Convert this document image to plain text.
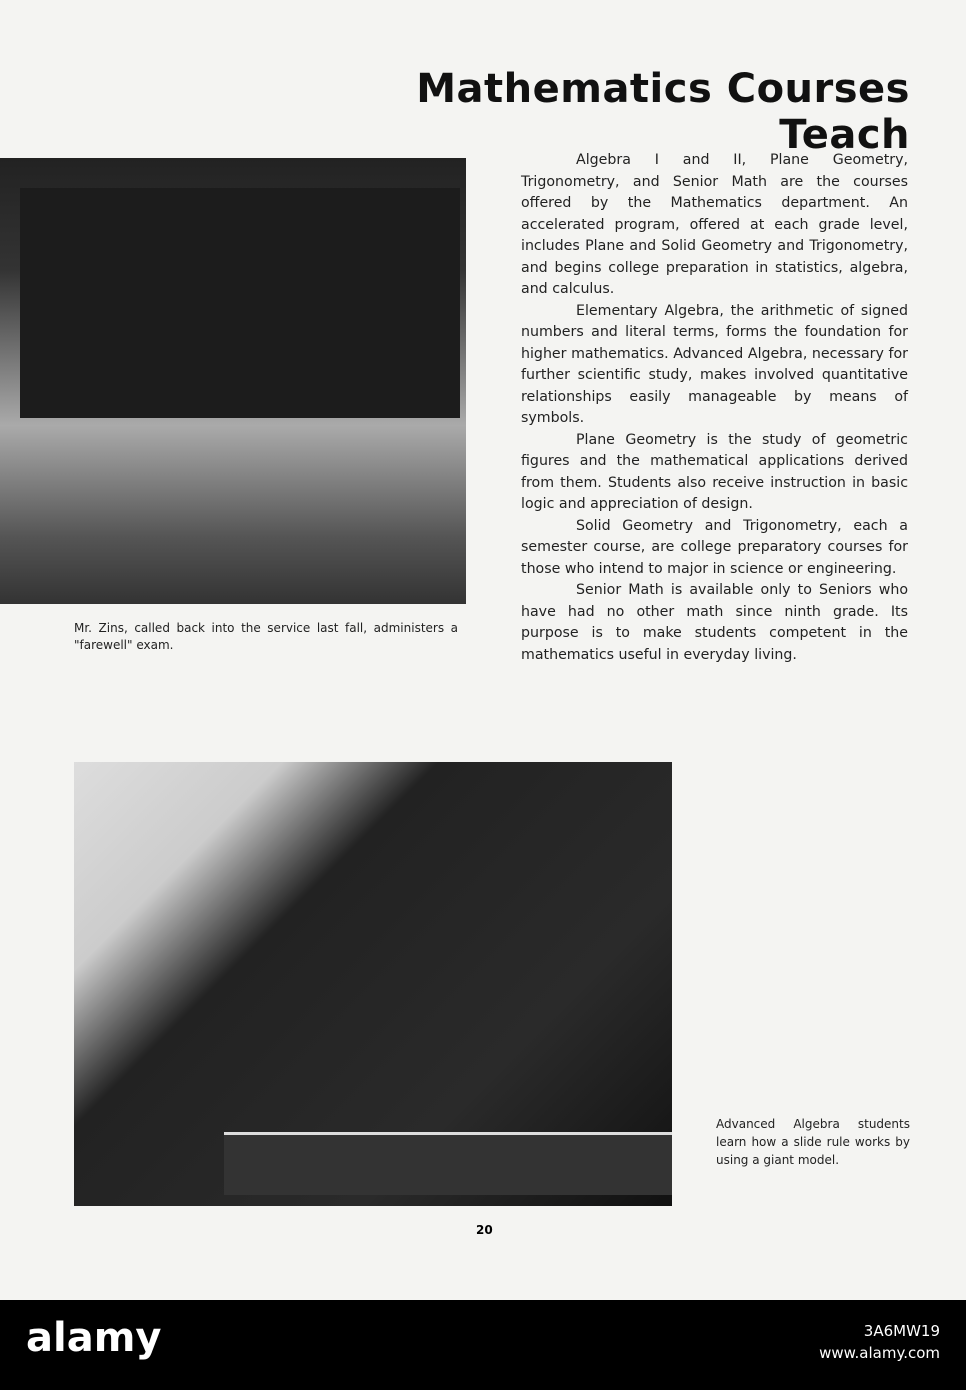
Mathematics Courses Teach
Mr. Zins, called back into the service last fall, administers a "farewell" exam.

Algebra I and II, Plane Geometry, Trigonometry, and Senior Math are the courses offered by the Mathematics department. An accelerated program, offered at each grade level, includes Plane and Solid Geometry and Trigonometry, and begins college preparation in statistics, algebra, and calculus.

Elementary Algebra, the arithmetic of signed numbers and literal terms, forms the foundation for higher mathematics. Advanced Algebra, necessary for further scientific study, makes involved quantitative relationships easily manageable by means of symbols.

Plane Geometry is the study of geometric figures and the mathematical applications derived from them. Students also receive instruction in basic logic and appreciation of design.

Solid Geometry and Trigonometry, each a semester course, are college preparatory courses for those who intend to major in science or engineering.

Senior Math is available only to Seniors who have had no other math since ninth grade. Its purpose is to make students competent in the mathematics useful in everyday living.

Advanced Algebra students learn how a slide rule works by using a giant model.
20
alamy	3A6MW19
www.alamy.com
